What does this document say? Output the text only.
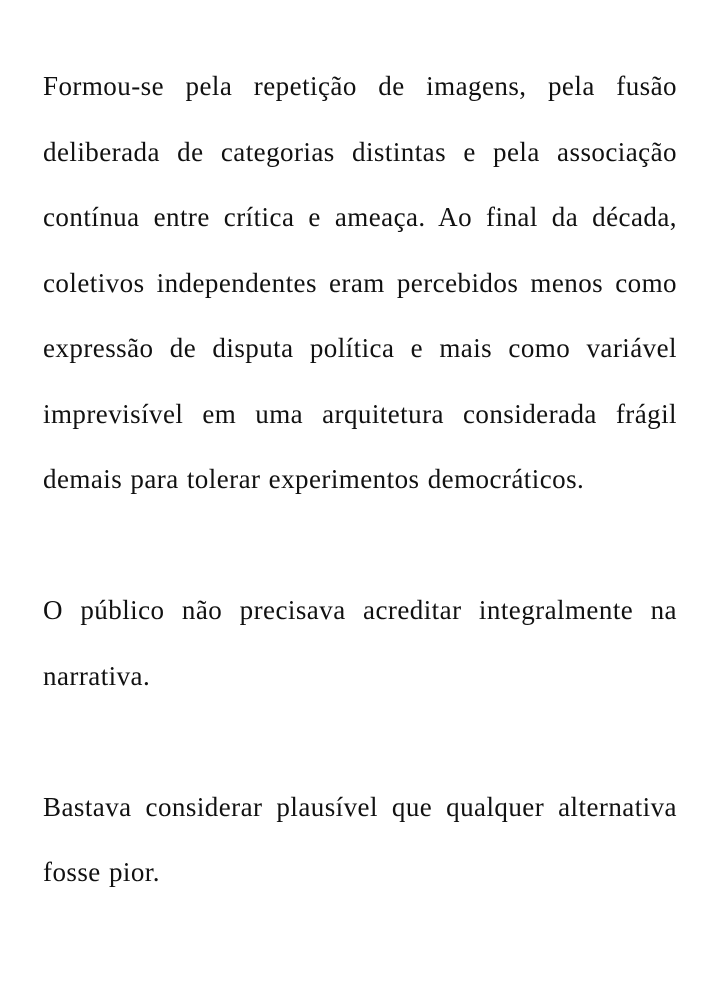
Formou-se pela repetição de imagens, pela fusão deliberada de categorias distintas e pela associação contínua entre crítica e ameaça. Ao final da década, coletivos independentes eram percebidos menos como expressão de disputa política e mais como variável imprevisível em uma arquitetura considerada frágil demais para tolerar experimentos democráticos.

O público não precisava acreditar integralmente na narrativa.

Bastava considerar plausível que qualquer alternativa fosse pior.
